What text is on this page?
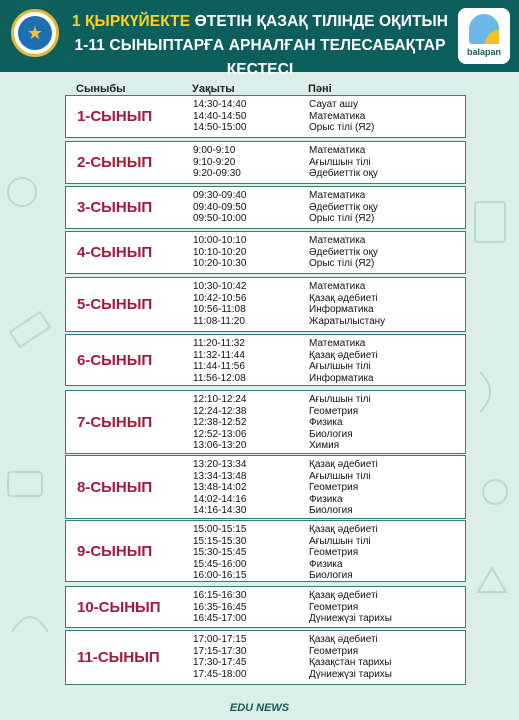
★
1 ҚЫРКҮЙЕКТЕ ӨТЕТІН ҚАЗАҚ ТІЛІНДЕ ОҚИТЫН
1-11 СЫНЫПТАРҒА АРНАЛҒАН ТЕЛЕСАБАҚТАР КЕСТЕСІ
balapan
Сыныбы	Уақыты	Пәні
1-СЫНЫП
14:30-14:40
14:40-14:50
14:50-15:00
Сауат ашу
Математика
Орыс тілі (Я2)
2-СЫНЫП
9:00-9:10
9:10-9:20
9:20-09:30
Математика
Ағылшын тілі
Әдебиеттік оқу
3-СЫНЫП
09:30-09:40
09:40-09:50
09:50-10:00
Математика
Әдебиеттік оқу
Орыс тілі (Я2)
4-СЫНЫП
10:00-10:10
10:10-10:20
10:20-10:30
Математика
Әдебиеттік оқу
Орыс тілі (Я2)
5-СЫНЫП
10:30-10:42
10:42-10:56
10:56-11:08
11:08-11:20
Математика
Қазақ әдебиеті
Информатика
Жаратылыстану
6-СЫНЫП
11:20-11:32
11:32-11:44
11:44-11:56
11:56-12:08
Математика
Қазақ әдебиеті
Ағылшын тілі
Информатика
7-СЫНЫП
12:10-12:24
12:24-12:38
12:38-12:52
12:52-13:06
13:06-13:20
Ағылшын тілі
Геометрия
Физика
Биология
Химия
8-СЫНЫП
13:20-13:34
13:34-13:48
13:48-14:02
14:02-14:16
14:16-14:30
Қазақ әдебиеті
Ағылшын тілі
Геометрия
Физика
Биология
9-СЫНЫП
15:00-15:15
15:15-15:30
15:30-15:45
15:45-16:00
16:00-16:15
Қазақ әдебиеті
Ағылшын тілі
Геометрия
Физика
Биология
10-СЫНЫП
16:15-16:30
16:35-16:45
16:45-17:00
Қазақ әдебиеті
Геометрия
Дүниежүзі тарихы
11-СЫНЫП
17:00-17:15
17:15-17:30
17:30-17:45
17:45-18:00
Қазақ әдебиеті
Геометрия
Қазақстан тарихы
Дүниежүзі тарихы
EDU NEWS
